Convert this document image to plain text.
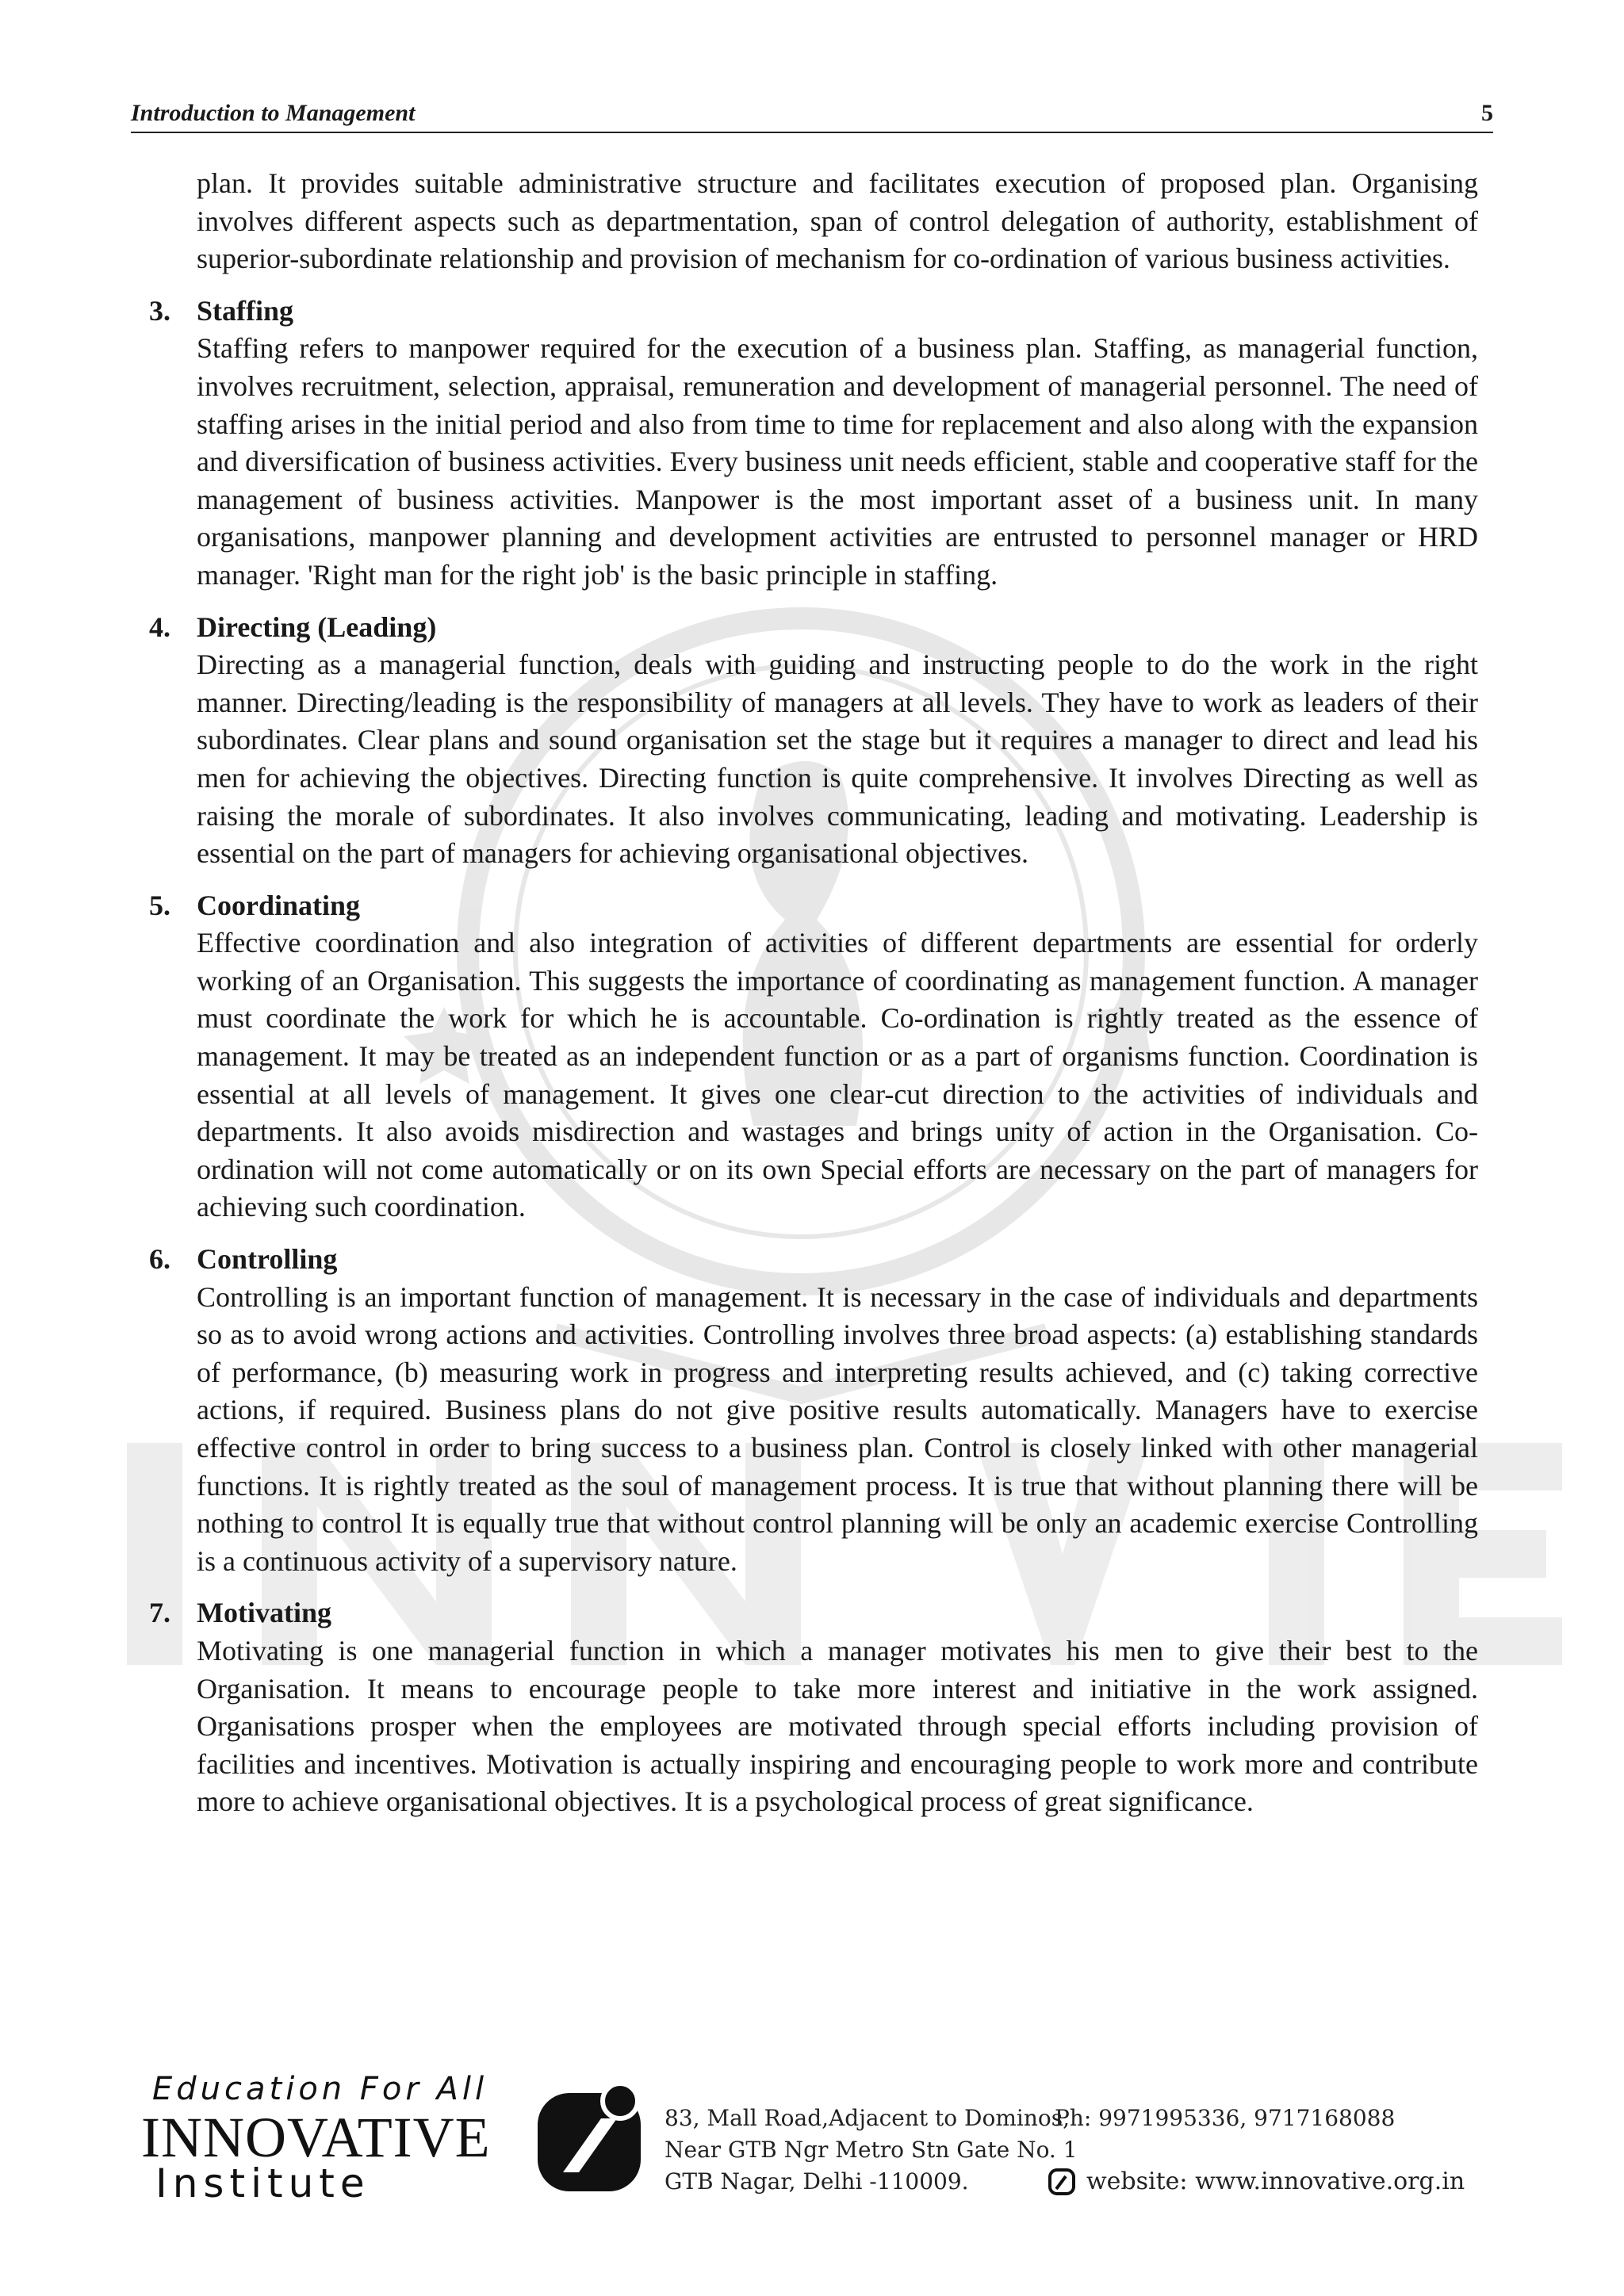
Introduction to Management	5

plan. It provides suitable administrative structure and facilitates execution of proposed plan. Organising involves different aspects such as departmentation, span of control delegation of authority, establishment of superior-subordinate relationship and provision of mechanism for co-ordination of various business activities.

3. Staffing

Staffing refers to manpower required for the execution of a business plan. Staffing, as managerial function, involves recruitment, selection, appraisal, remuneration and development of managerial personnel. The need of staffing arises in the initial period and also from time to time for replacement and also along with the expansion and diversification of business activities. Every business unit needs efficient, stable and cooperative staff for the management of business activities. Manpower is the most important asset of a business unit. In many organisations, manpower planning and development activities are entrusted to personnel manager or HRD manager. 'Right man for the right job' is the basic principle in staffing.

4. Directing (Leading)

Directing as a managerial function, deals with guiding and instructing people to do the work in the right manner. Directing/leading is the responsibility of managers at all levels. They have to work as leaders of their subordinates. Clear plans and sound organisation set the stage but it requires a manager to direct and lead his men for achieving the objectives. Directing function is quite comprehensive. It involves Directing as well as raising the morale of subordinates. It also involves communicating, leading and motivating. Leadership is essential on the part of managers for achieving organisational objectives.

5. Coordinating

Effective coordination and also integration of activities of different departments are essential for orderly working of an Organisation. This suggests the importance of coordinating as management function. A manager must coordinate the work for which he is accountable. Co-ordination is rightly treated as the essence of management. It may be treated as an independent function or as a part of organisms function. Coordination is essential at all levels of management. It gives one clear-cut direction to the activities of individuals and departments. It also avoids misdirection and wastages and brings unity of action in the Organisation. Co-ordination will not come automatically or on its own Special efforts are necessary on the part of managers for achieving such coordination.

6. Controlling

Controlling is an important function of management. It is necessary in the case of individuals and departments so as to avoid wrong actions and activities. Controlling involves three broad aspects: (a) establishing standards of performance, (b) measuring work in progress and interpreting results achieved, and (c) taking corrective actions, if required. Business plans do not give positive results automatically. Managers have to exercise effective control in order to bring success to a business plan. Control is closely linked with other managerial functions. It is rightly treated as the soul of management process. It is true that without planning there will be nothing to control It is equally true that without control planning will be only an academic exercise Controlling is a continuous activity of a supervisory nature.

7. Motivating

Motivating is one managerial function in which a manager motivates his men to give their best to the Organisation. It means to encourage people to take more interest and initiative in the work assigned. Organisations prosper when the employees are motivated through special efforts including provision of facilities and incentives. Motivation is actually inspiring and encouraging people to work more and contribute more to achieve organisational objectives. It is a psychological process of great significance.

Education For All
INNOVATIVE
Institute
83, Mall Road,Adjacent to Dominos,
Near GTB Ngr Metro Stn Gate No. 1
GTB Nagar, Delhi -110009.
Ph: 9971995336, 9717168088
website: www.innovative.org.in
